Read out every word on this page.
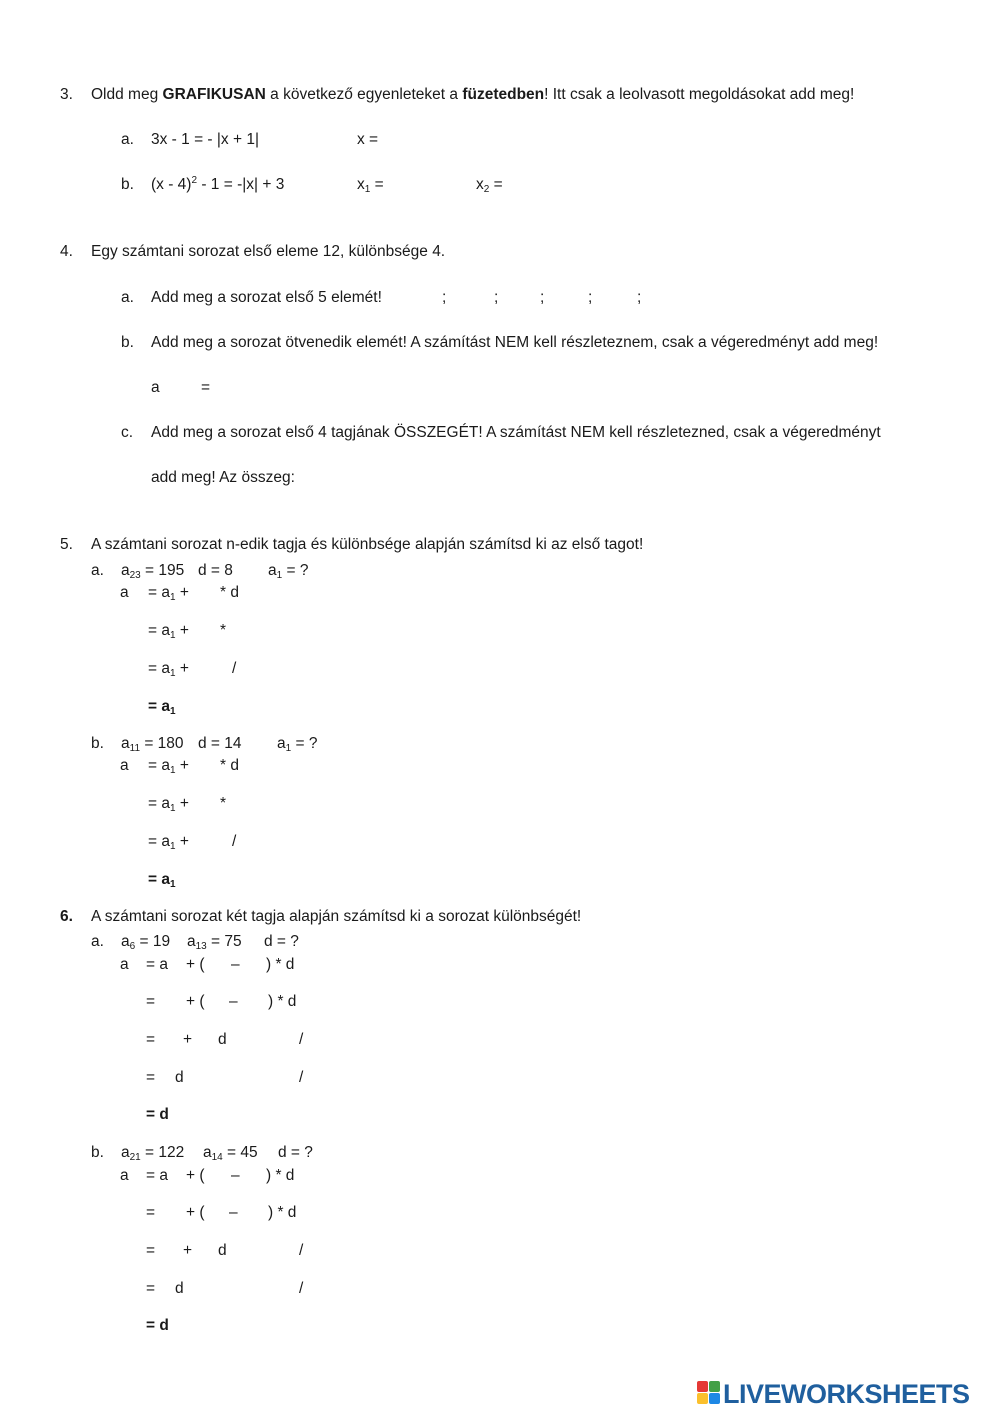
3. Oldd meg GRAFIKUSAN a következő egyenleteket a füzetedben! Itt csak a leolvasott megoldásokat add meg!
a. 3x - 1 = - |x + 1|	x =
b. (x - 4)$^2$ - 1 = -|x| + 3	$x_1$ =	$x_2$ =
4. Egy számtani sorozat első eleme 12, különbsége 4.
a. Add meg a sorozat első 5 elemét!	;	;	;	;	;
b. Add meg a sorozat ötvenedik elemét! A számítást NEM kell részleteznem, csak a végeredményt add meg!
a	=
c. Add meg a sorozat első 4 tagjának ÖSSZEGÉT! A számítást NEM kell részletezned, csak a végeredményt
add meg! Az összeg:
5. A számtani sorozat n-edik tagja és különbsége alapján számítsd ki az első tagot!
a. $a_{23} = 195$ d = 8 $a_1$ = ?
$a = a_1$ + * d
= $a_1$ + *
= $a_1$ +	/
= $a_1$
b. $a_{11} = 180$ d = 14 $a_1$ = ?
$a = a_1$ + * d
= $a_1$ + *
= $a_1$ +	/
= $a_1$
6. A számtani sorozat két tagja alapján számítsd ki a sorozat különbségét!
a. $a_6 = 19$ $a_{13} = 75$ d = ?
a = a + ( – ) * d
= + ( – ) * d
= + d	/
= d	/
= d
b. $a_{21} = 122$ $a_{14} = 45$ d = ?
a = a + ( – ) * d
= + ( – ) * d
= + d	/
= d	/
= d
LIVEWORKSHEETS
